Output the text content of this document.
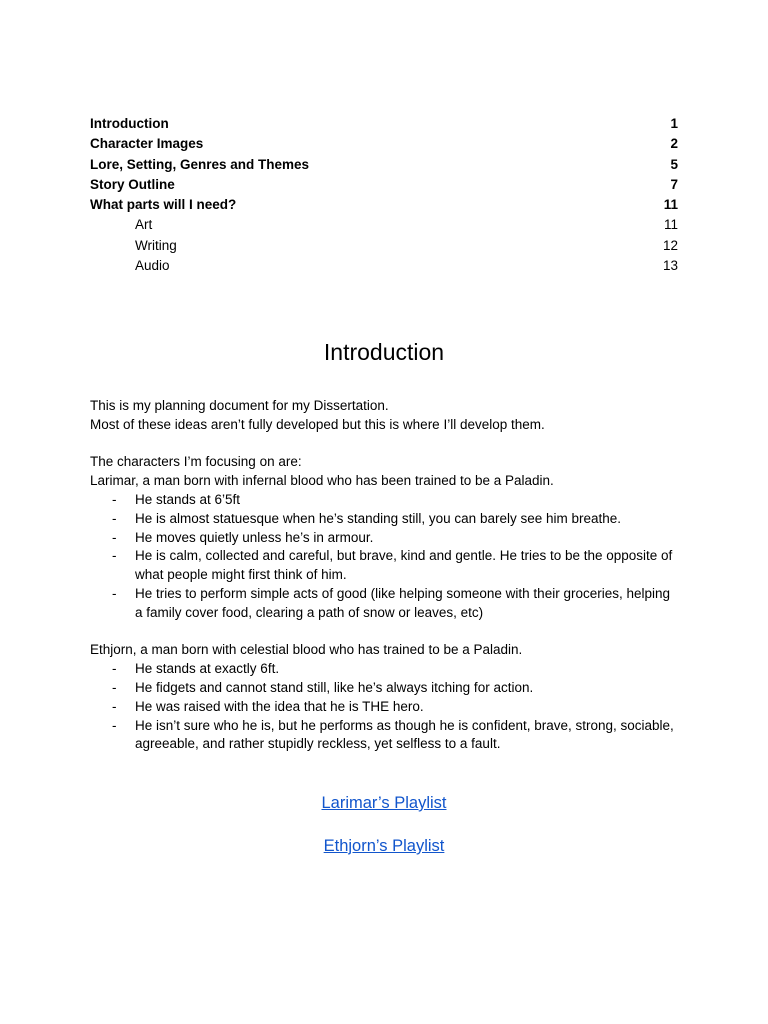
Introduction	1
Character Images	2
Lore, Setting, Genres and Themes	5
Story Outline	7
What parts will I need?	11
Art	11
Writing	12
Audio	13
Introduction

This is my planning document for my Dissertation.

Most of these ideas aren’t fully developed but this is where I’ll develop them.

The characters I’m focusing on are:

Larimar, a man born with infernal blood who has been trained to be a Paladin.

- He stands at 6’5ft
- He is almost statuesque when he’s standing still, you can barely see him breathe.
- He moves quietly unless he’s in armour.
- He is calm, collected and careful, but brave, kind and gentle. He tries to be the opposite of what people might first think of him.
- He tries to perform simple acts of good (like helping someone with their groceries, helping a family cover food, clearing a path of snow or leaves, etc)

Ethjorn, a man born with celestial blood who has trained to be a Paladin.

- He stands at exactly 6ft.
- He fidgets and cannot stand still, like he’s always itching for action.
- He was raised with the idea that he is THE hero.
- He isn’t sure who he is, but he performs as though he is confident, brave, strong, sociable, agreeable, and rather stupidly reckless, yet selfless to a fault.
Larimar’s Playlist
Ethjorn’s Playlist
